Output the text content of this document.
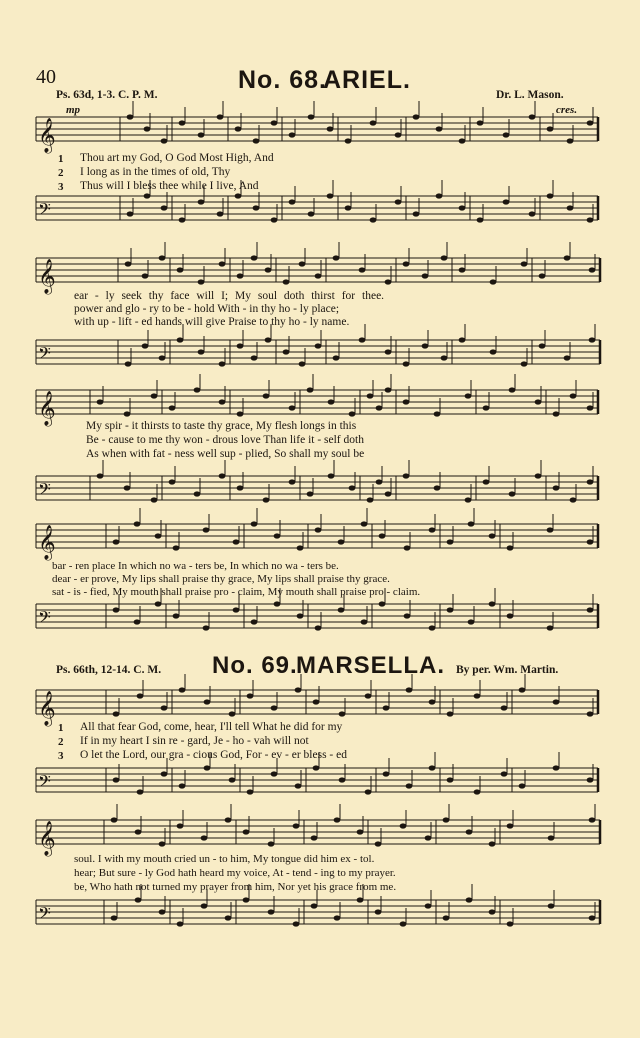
40	No. 68.
ARIEL.
Ps. 63d, 1-3. C. P. M.	Dr. L. Mason.
mp	cres.
No. 69.
MARSELLA.
Ps. 66th, 12-14. C. M.	By per. Wm. Martin.
𝄞
𝄢
𝄞
𝄢
𝄞
𝄢
𝄞
𝄢
𝄞
𝄢
𝄞
𝄢
1
2
3
Thou art my God, O God Most High, And
I long as in the times of old, Thy
Thus will I bless thee while I live, And
ear - ly seek thy face will I; My soul doth thirst for thee.
power and glo - ry to be - hold With - in thy ho - ly place;
with up - lift - ed hands will give Praise to thy ho - ly name.
My spir - it thirsts to taste thy grace, My flesh longs in this
Be - cause to me thy won - drous love Than life it - self doth
As when with fat - ness well sup - plied, So shall my soul be
bar - ren place In which no wa - ters be, In which no wa - ters be.
dear - er prove, My lips shall praise thy grace, My lips shall praise thy grace.
sat - is - fied, My mouth shall praise pro - claim, My mouth shall praise pro - claim.
1
2
3
All that fear God, come, hear, I'll tell What he did for my
If in my heart I sin re - gard, Je - ho - vah will not
O let the Lord, our gra - cious God, For - ev - er bless - ed
soul. I with my mouth cried un - to him, My tongue did him ex - tol.
hear; But sure - ly God hath heard my voice, At - tend - ing to my prayer.
be, Who hath not turned my prayer from him, Nor yet his grace from me.
